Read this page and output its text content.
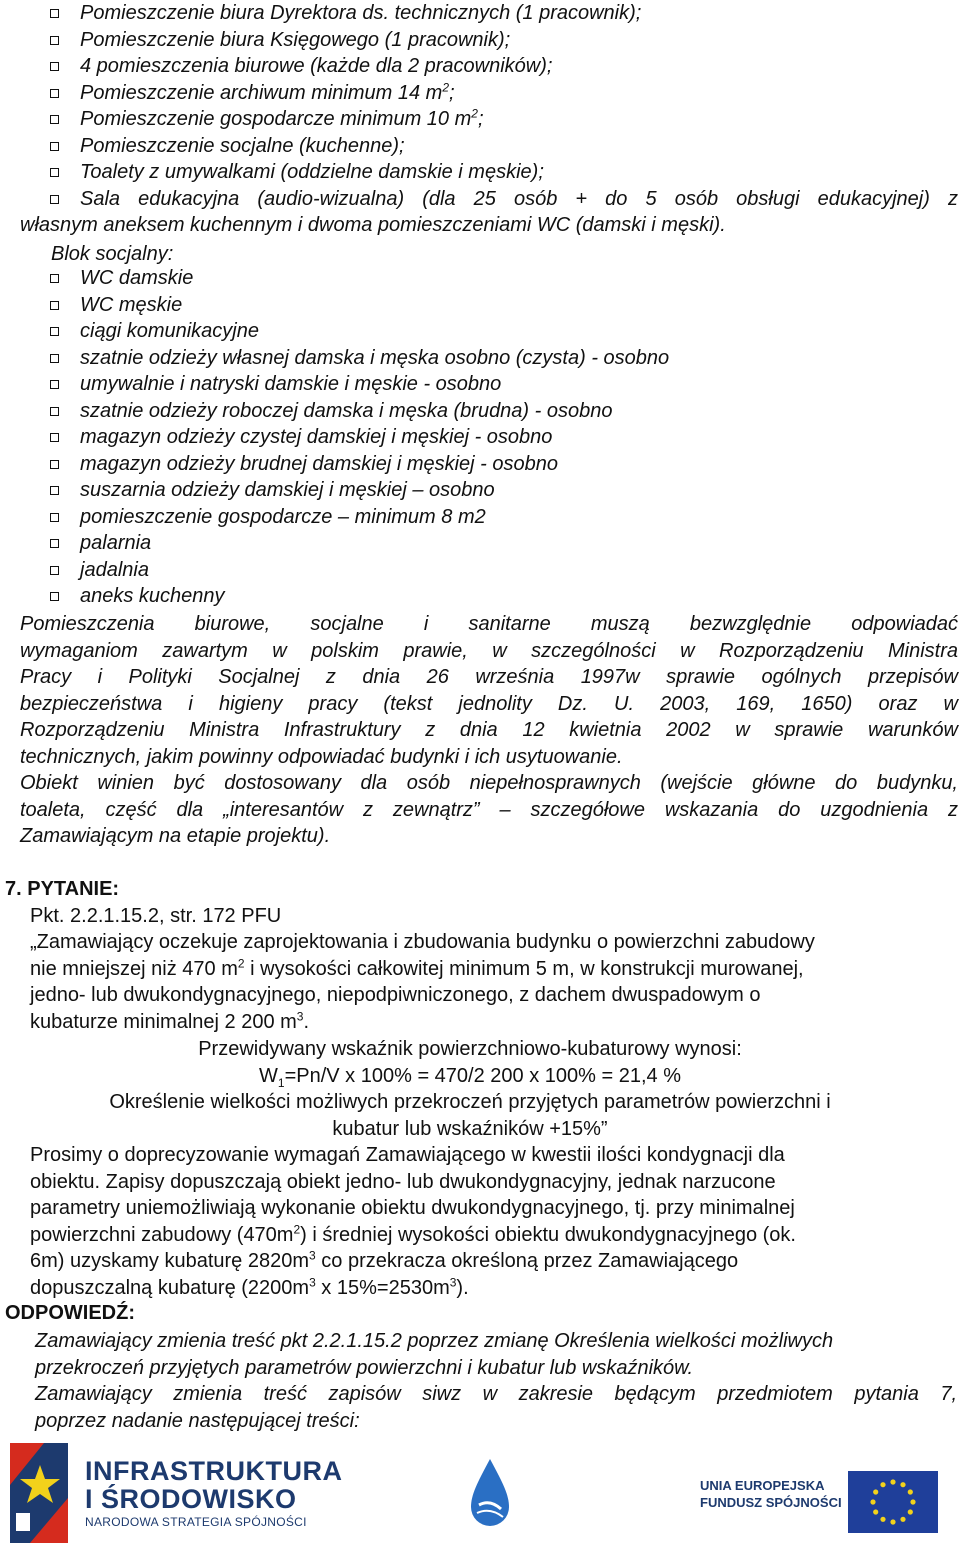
Pomieszczenie biura Dyrektora ds. technicznych (1 pracownik);
Pomieszczenie biura Księgowego (1 pracownik);
4 pomieszczenia biurowe (każde dla 2 pracowników);
Pomieszczenie archiwum minimum 14 $m^2$;
Pomieszczenie gospodarcze minimum 10 $m^2$;
Pomieszczenie socjalne (kuchenne);
Toalety z umywalkami (oddzielne damskie i męskie);
Sala edukacyjna (audio-wizualna) (dla 25 osób + do 5 osób obsługi edukacyjnej) z
własnym aneksem kuchennym i dwoma pomieszczeniami WC (damski i męski).
Blok socjalny:
WC damskie
WC męskie
ciągi komunikacyjne
szatnie odzieży własnej damska i męska osobno (czysta) - osobno
umywalnie i natryski damskie i męskie - osobno
szatnie odzieży roboczej damska i męska (brudna) - osobno
magazyn odzieży czystej damskiej i męskiej - osobno
magazyn odzieży brudnej damskiej i męskiej - osobno
suszarnia odzieży damskiej i męskiej – osobno
pomieszczenie gospodarcze – minimum 8 m2
palarnia
jadalnia
aneks kuchenny
Pomieszczenia biurowe, socjalne i sanitarne muszą bezwzględnie odpowiadać
wymaganiom zawartym w polskim prawie, w szczególności w Rozporządzeniu Ministra
Pracy i Polityki Socjalnej z dnia 26 września 1997w sprawie ogólnych przepisów
bezpieczeństwa i higieny pracy (tekst jednolity Dz. U. 2003, 169, 1650) oraz w
Rozporządzeniu Ministra Infrastruktury z dnia 12 kwietnia 2002 w sprawie warunków
technicznych, jakim powinny odpowiadać budynki i ich usytuowanie.
Obiekt winien być dostosowany dla osób niepełnosprawnych (wejście główne do budynku,
toaleta, część dla „interesantów z zewnątrz” – szczegółowe wskazania do uzgodnienia z
Zamawiającym na etapie projektu).
7. PYTANIE:
Pkt. 2.2.1.15.2, str. 172 PFU
„Zamawiający oczekuje zaprojektowania i zbudowania budynku o powierzchni zabudowy
nie mniejszej niż 470 $m^2$ i wysokości całkowitej minimum 5 m, w konstrukcji murowanej,
jedno- lub dwukondygnacyjnego, niepodpiwniczonego, z dachem dwuspadowym o
kubaturze minimalnej 2 200 $m^3$.
Przewidywany wskaźnik powierzchniowo-kubaturowy wynosi:
$W_1=Pn/V$ x 100% = 470/2 200 x 100% = 21,4 %
Określenie wielkości możliwych przekroczeń przyjętych parametrów powierzchni i
kubatur lub wskaźników +15%”
Prosimy o doprecyzowanie wymagań Zamawiającego w kwestii ilości kondygnacji dla
obiektu. Zapisy dopuszczają obiekt jedno- lub dwukondygnacyjny, jednak narzucone
parametry uniemożliwiają wykonanie obiektu dwukondygnacyjnego, tj. przy minimalnej
powierzchni zabudowy $(470m^2)$ i średniej wysokości obiektu dwukondygnacyjnego (ok.
6m) uzyskamy kubaturę $2820m^3$ co przekracza określoną przez Zamawiającego
dopuszczalną kubaturę ($2200m^3$ x $15\%=2530m^3$).
ODPOWIEDŹ:
Zamawiający zmienia treść pkt 2.2.1.15.2 poprzez zmianę Określenia wielkości możliwych
przekroczeń przyjętych parametrów powierzchni i kubatur lub wskaźników.
Zamawiający zmienia treść zapisów siwz w zakresie będącym przedmiotem pytania 7,
poprzez nadanie następującej treści:
INFRASTRUKTURA
I ŚRODOWISKO
NARODOWA STRATEGIA SPÓJNOŚCI
UNIA EUROPEJSKA
FUNDUSZ SPÓJNOŚCI
